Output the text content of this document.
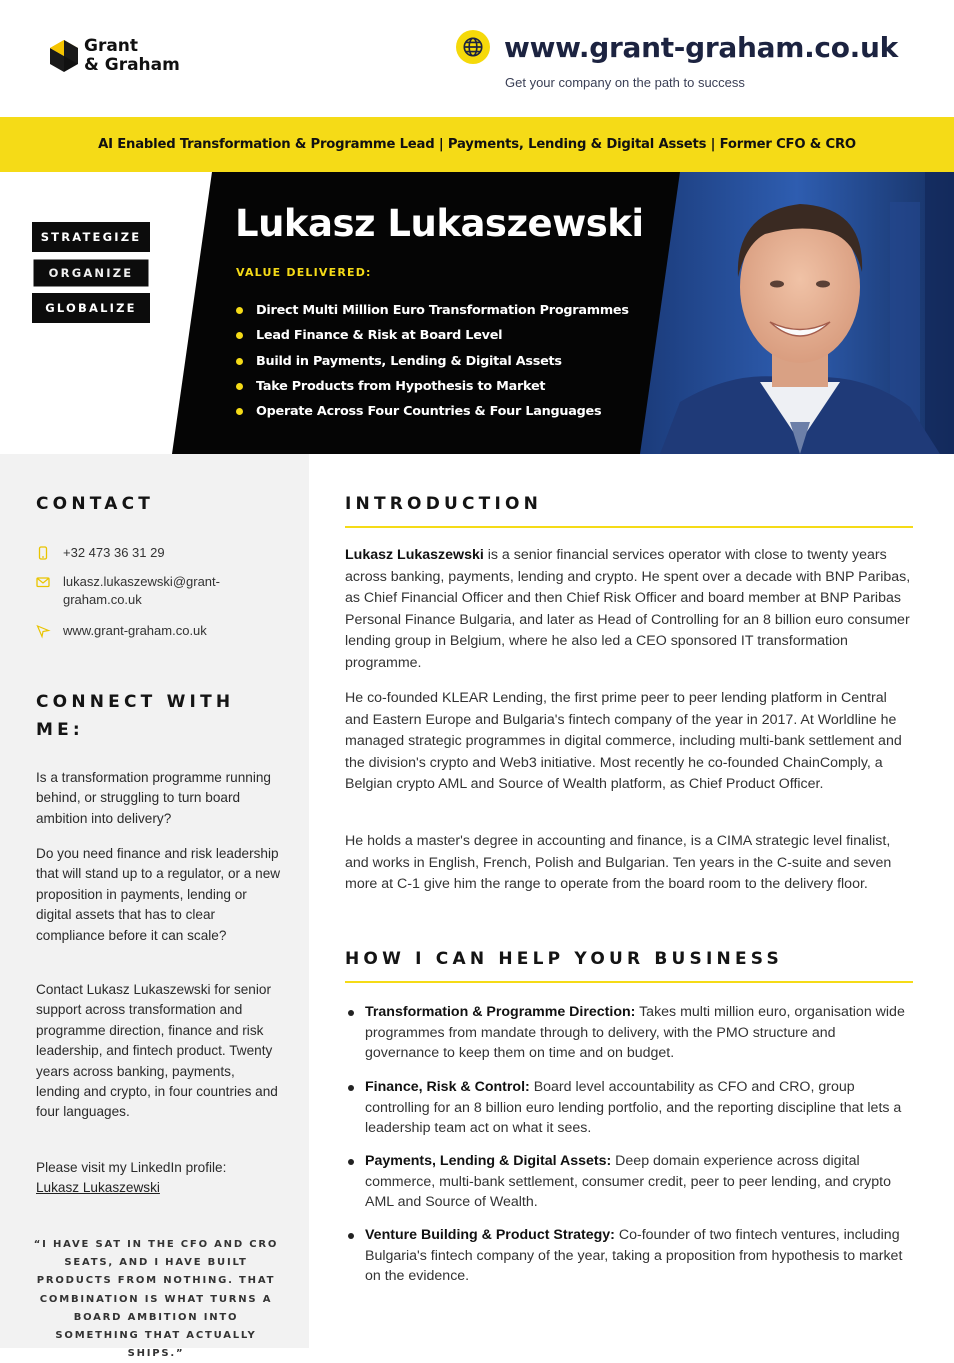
Grant
& Graham
www.grant-graham.co.uk
Get your company on the path to success
AI Enabled Transformation & Programme Lead | Payments, Lending & Digital Assets | Former CFO & CRO
STRATEGIZE
ORGANIZE
GLOBALIZE
Lukasz Lukaszewski
VALUE DELIVERED:
Direct Multi Million Euro Transformation Programmes
Lead Finance & Risk at Board Level
Build in Payments, Lending & Digital Assets
Take Products from Hypothesis to Market
Operate Across Four Countries & Four Languages
CONTACT
+32 473 36 31 29
lukasz.lukaszewski@grant-
graham.co.uk
www.grant-graham.co.uk
CONNECT WITH
ME:

Is a transformation programme running behind, or struggling to turn board ambition into delivery?

Do you need finance and risk leadership that will stand up to a regulator, or a new proposition in payments, lending or digital assets that has to clear compliance before it can scale?

Contact Lukasz Lukaszewski for senior support across transformation and programme direction, finance and risk leadership, and fintech product. Twenty years across banking, payments, lending and crypto, in four countries and four languages.

Please visit my LinkedIn profile:
Lukasz Lukaszewski

“I HAVE SAT IN THE CFO AND CRO SEATS, AND I HAVE BUILT PRODUCTS FROM NOTHING. THAT COMBINATION IS WHAT TURNS A BOARD AMBITION INTO SOMETHING THAT ACTUALLY SHIPS.”
INTRODUCTION

Lukasz Lukaszewski is a senior financial services operator with close to twenty years across banking, payments, lending and crypto. He spent over a decade with BNP Paribas, as Chief Financial Officer and then Chief Risk Officer and board member at BNP Paribas Personal Finance Bulgaria, and later as Head of Controlling for an 8 billion euro consumer lending group in Belgium, where he also led a CEO sponsored IT transformation programme.

He co-founded KLEAR Lending, the first prime peer to peer lending platform in Central and Eastern Europe and Bulgaria's fintech company of the year in 2017. At Worldline he managed strategic programmes in digital commerce, including multi-bank settlement and the division's crypto and Web3 initiative. Most recently he co-founded ChainComply, a Belgian crypto AML and Source of Wealth platform, as Chief Product Officer.

He holds a master's degree in accounting and finance, is a CIMA strategic level finalist, and works in English, French, Polish and Bulgarian. Ten years in the C-suite and seven more at C-1 give him the range to operate from the board room to the delivery floor.

HOW I CAN HELP YOUR BUSINESS

Transformation & Programme Direction: Takes multi million euro, organisation wide programmes from mandate through to delivery, with the PMO structure and governance to keep them on time and on budget.

Finance, Risk & Control: Board level accountability as CFO and CRO, group controlling for an 8 billion euro lending portfolio, and the reporting discipline that lets a leadership team act on what it sees.

Payments, Lending & Digital Assets: Deep domain experience across digital commerce, multi-bank settlement, consumer credit, peer to peer lending, and crypto AML and Source of Wealth.

Venture Building & Product Strategy: Co-founder of two fintech ventures, including Bulgaria's fintech company of the year, taking a proposition from hypothesis to market on the evidence.
